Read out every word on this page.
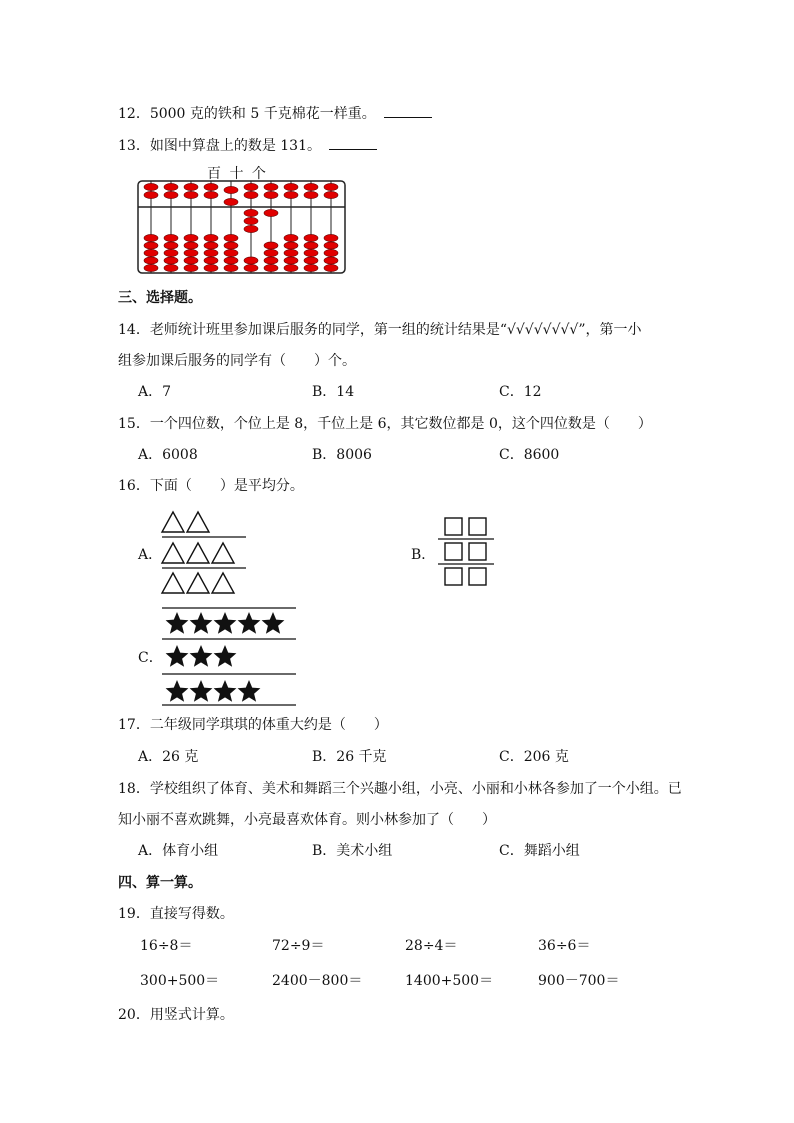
12．5000 克的铁和 5 千克棉花一样重。
13．如图中算盘上的数是 131。
百 十 个
三、选择题。
14．老师统计班里参加课后服务的同学，第一组的统计结果是“√√√√√√√√”，第一小
组参加课后服务的同学有（　　）个。
A．7	B．14	C．12
15．一个四位数，个位上是 8，千位上是 6，其它数位都是 0，这个四位数是（　　）
A．6008	B．8006	C．8600
16．下面（　　）是平均分。
A．	B．
C．
17．二年级同学琪琪的体重大约是（　　）
A．26 克	B．26 千克	C．206 克
18．学校组织了体育、美术和舞蹈三个兴趣小组，小亮、小丽和小林各参加了一个小组。已
知小丽不喜欢跳舞，小亮最喜欢体育。则小林参加了（　　）
A．体育小组	B．美术小组	C．舞蹈小组
四、算一算。
19．直接写得数。
16÷8＝	72÷9＝	28÷4＝	36÷6＝
300+500＝	2400－800＝	1400+500＝	900－700＝
20．用竖式计算。
